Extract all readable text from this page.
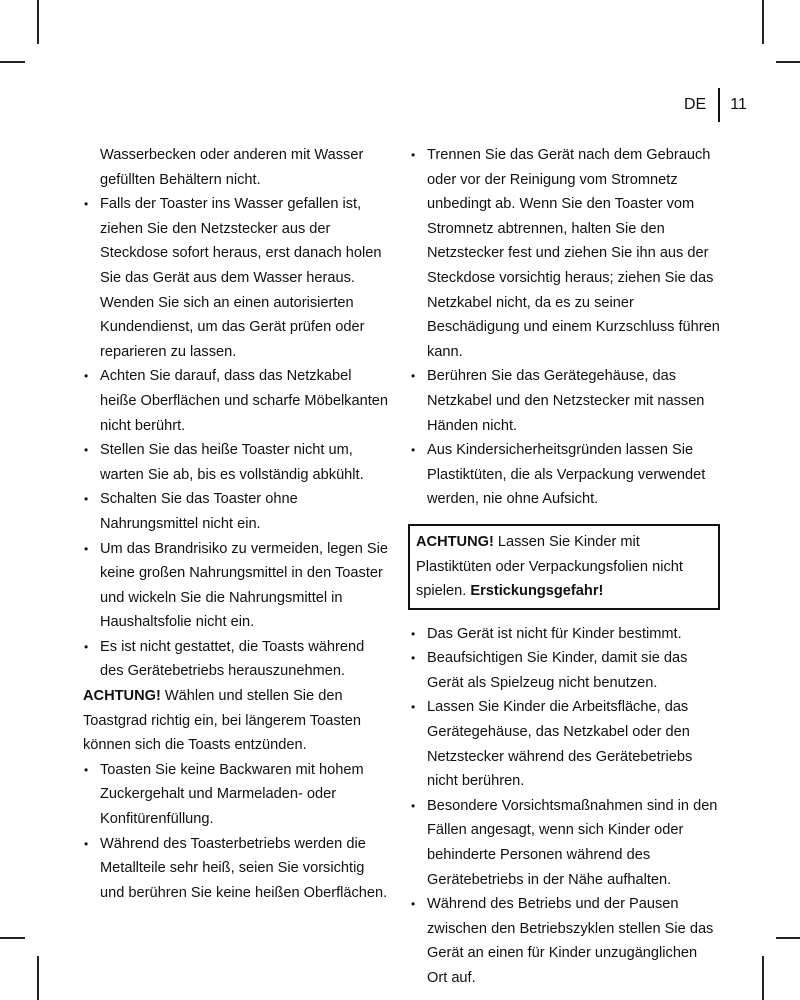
DE 11

Wasserbecken oder anderen mit Wasser gefüllten Behältern nicht.

• Falls der Toaster ins Wasser gefallen ist, ziehen Sie den Netzstecker aus der Steckdose sofort heraus, erst danach holen Sie das Gerät aus dem Wasser heraus. Wenden Sie sich an einen autorisierten Kundendienst, um das Gerät prüfen oder reparieren zu lassen.
• Achten Sie darauf, dass das Netzkabel heiße Oberflächen und scharfe Möbelkanten nicht berührt.
• Stellen Sie das heiße Toaster nicht um, warten Sie ab, bis es vollständig abkühlt.
• Schalten Sie das Toaster ohne Nahrungsmittel nicht ein.
• Um das Brandrisiko zu vermeiden, legen Sie keine großen Nahrungsmittel in den Toaster und wickeln Sie die Nahrungsmittel in Haushaltsfolie nicht ein.
• Es ist nicht gestattet, die Toasts während des Gerätebetriebs herauszunehmen.

ACHTUNG! Wählen und stellen Sie den Toastgrad richtig ein, bei längerem Toasten können sich die Toasts entzünden.

• Toasten Sie keine Backwaren mit hohem Zuckergehalt und Marmeladen- oder Konfitürenfüllung.
• Während des Toasterbetriebs werden die Metallteile sehr heiß, seien Sie vorsichtig und berühren Sie keine heißen Oberflächen.
• Trennen Sie das Gerät nach dem Gebrauch oder vor der Reinigung vom Stromnetz unbedingt ab. Wenn Sie den Toaster vom Stromnetz abtrennen, halten Sie den Netzstecker fest und ziehen Sie ihn aus der Steckdose vorsichtig heraus; ziehen Sie das Netzkabel nicht, da es zu seiner Beschädigung und einem Kurzschluss führen kann.
• Berühren Sie das Gerätegehäuse, das Netzkabel und den Netzstecker mit nassen Händen nicht.
• Aus Kindersicherheitsgründen lassen Sie Plastiktüten, die als Verpackung verwendet werden, nie ohne Aufsicht.
ACHTUNG! Lassen Sie Kinder mit Plastiktüten oder Verpackungsfolien nicht spielen. Erstickungsgefahr!
• Das Gerät ist nicht für Kinder bestimmt.
• Beaufsichtigen Sie Kinder, damit sie das Gerät als Spielzeug nicht benutzen.
• Lassen Sie Kinder die Arbeitsfläche, das Gerätegehäuse, das Netzkabel oder den Netzstecker während des Gerätebetriebs nicht berühren.
• Besondere Vorsichtsmaßnahmen sind in den Fällen angesagt, wenn sich Kinder oder behinderte Personen während des Gerätebetriebs in der Nähe aufhalten.
• Während des Betriebs und der Pausen zwischen den Betriebszyklen stellen Sie das Gerät an einen für Kinder unzugänglichen Ort auf.
